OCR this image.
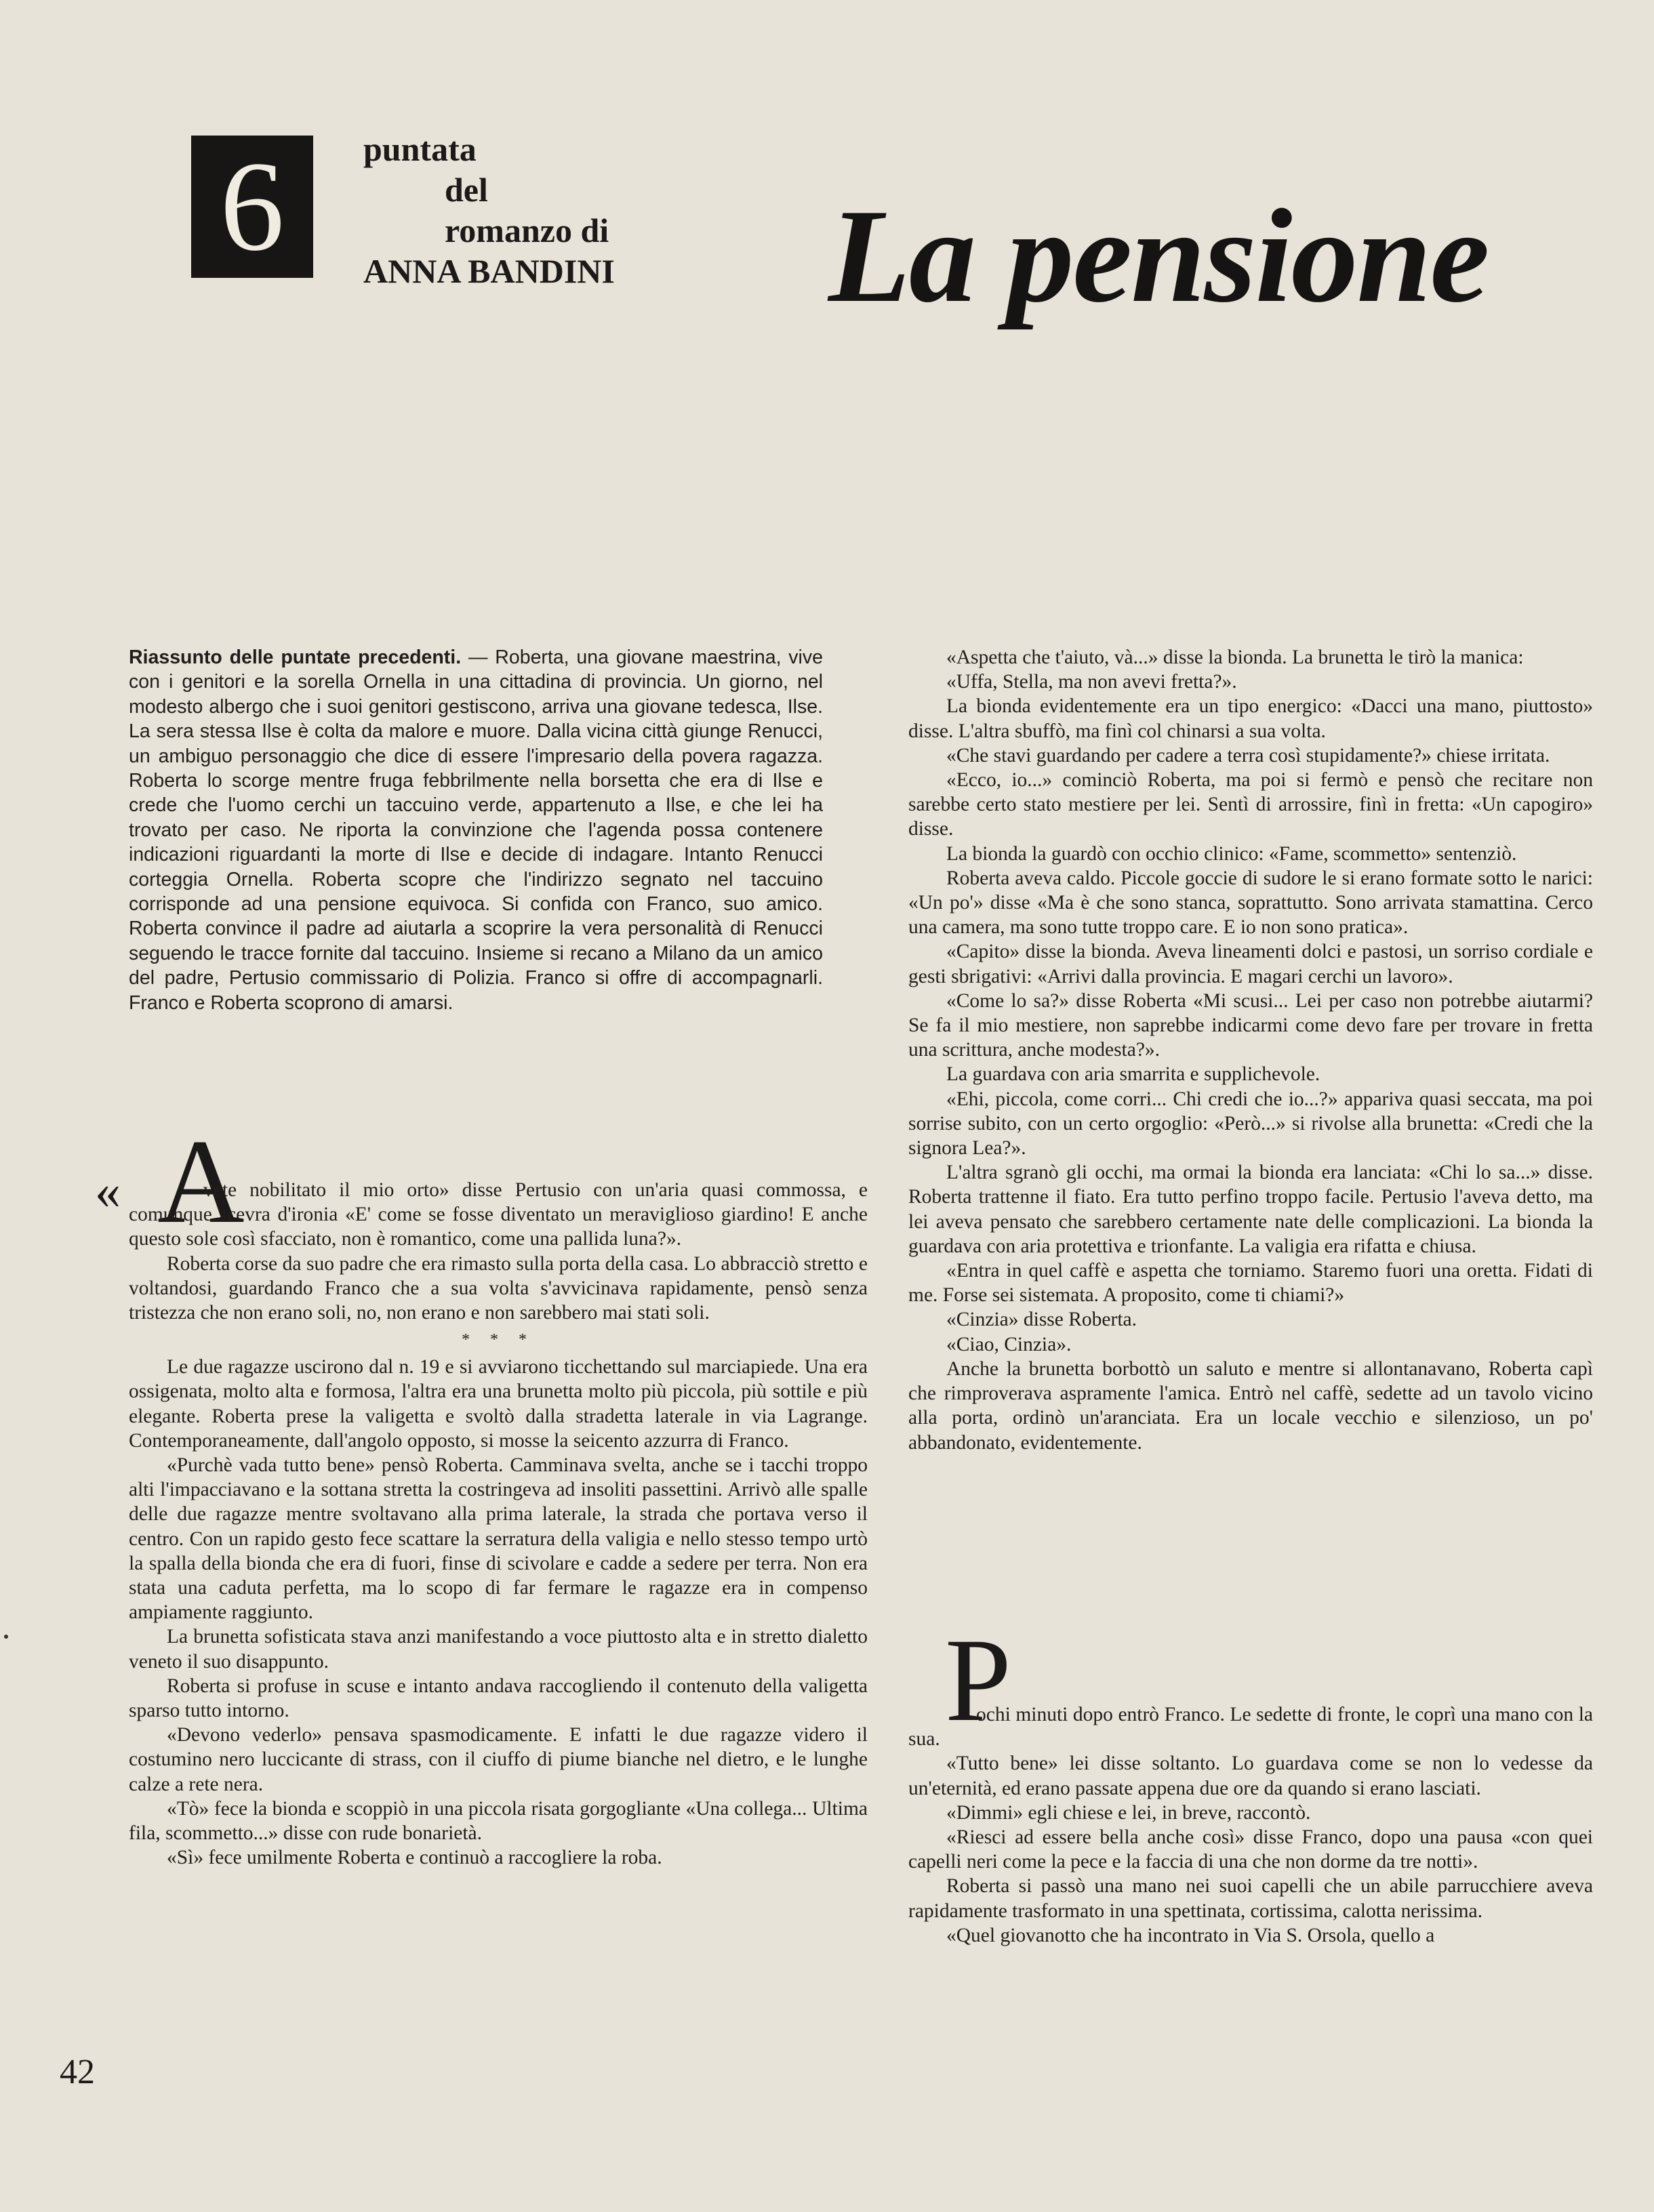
6 puntata
del
romanzo di
ANNA BANDINI	La pensione

Riassunto delle puntate precedenti. — Roberta, una giovane maestrina, vive con i genitori e la sorella Ornella in una cittadina di provincia. Un giorno, nel modesto albergo che i suoi genitori gestiscono, arriva una giovane tedesca, Ilse. La sera stessa Ilse è colta da malore e muore. Dalla vicina città giunge Renucci, un ambiguo personaggio che dice di essere l'impresario della povera ragazza. Roberta lo scorge mentre fruga febbrilmente nella borsetta che era di Ilse e crede che l'uomo cerchi un taccuino verde, appartenuto a Ilse, e che lei ha trovato per caso. Ne riporta la convinzione che l'agenda possa contenere indicazioni riguardanti la morte di Ilse e decide di indagare. Intanto Renucci corteggia Ornella. Roberta scopre che l'indirizzo segnato nel taccuino corrisponde ad una pensione equivoca. Si confida con Franco, suo amico. Roberta convince il padre ad aiutarla a scoprire la vera personalità di Renucci seguendo le tracce fornite dal taccuino. Insieme si recano a Milano da un amico del padre, Pertusio commissario di Polizia. Franco si offre di accompagnarli. Franco e Roberta scoprono di amarsi.

« A

vete nobilitato il mio orto» disse Pertusio con un'aria quasi commossa, e comunque scevra d'ironia «E' come se fosse diventato un meraviglioso giardino! E anche questo sole così sfacciato, non è romantico, come una pallida luna?».

Roberta corse da suo padre che era rimasto sulla porta della casa. Lo abbracciò stretto e voltandosi, guardando Franco che a sua volta s'avvicinava rapidamente, pensò senza tristezza che non erano soli, no, non erano e non sarebbero mai stati soli.

* * *

Le due ragazze uscirono dal n. 19 e si avviarono ticchettando sul marciapiede. Una era ossigenata, molto alta e formosa, l'altra era una brunetta molto più piccola, più sottile e più elegante. Roberta prese la valigetta e svoltò dalla stradetta laterale in via Lagrange. Contemporaneamente, dall'angolo opposto, si mosse la seicento azzurra di Franco.

«Purchè vada tutto bene» pensò Roberta. Camminava svelta, anche se i tacchi troppo alti l'impacciavano e la sottana stretta la costringeva ad insoliti passettini. Arrivò alle spalle delle due ragazze mentre svoltavano alla prima laterale, la strada che portava verso il centro. Con un rapido gesto fece scattare la serratura della valigia e nello stesso tempo urtò la spalla della bionda che era di fuori, finse di scivolare e cadde a sedere per terra. Non era stata una caduta perfetta, ma lo scopo di far fermare le ragazze era in compenso ampiamente raggiunto.

La brunetta sofisticata stava anzi manifestando a voce piuttosto alta e in stretto dialetto veneto il suo disappunto.

Roberta si profuse in scuse e intanto andava raccogliendo il contenuto della valigetta sparso tutto intorno.

«Devono vederlo» pensava spasmodicamente. E infatti le due ragazze videro il costumino nero luccicante di strass, con il ciuffo di piume bianche nel dietro, e le lunghe calze a rete nera.

«Tò» fece la bionda e scoppiò in una piccola risata gorgogliante «Una collega... Ultima fila, scommetto...» disse con rude bonarietà.

«Sì» fece umilmente Roberta e continuò a raccogliere la roba.

«Aspetta che t'aiuto, và...» disse la bionda. La brunetta le tirò la manica:

«Uffa, Stella, ma non avevi fretta?».

La bionda evidentemente era un tipo energico: «Dacci una mano, piuttosto» disse. L'altra sbuffò, ma finì col chinarsi a sua volta.

«Che stavi guardando per cadere a terra così stupidamente?» chiese irritata.

«Ecco, io...» cominciò Roberta, ma poi si fermò e pensò che recitare non sarebbe certo stato mestiere per lei. Sentì di arrossire, finì in fretta: «Un capogiro» disse.

La bionda la guardò con occhio clinico: «Fame, scommetto» sentenziò.

Roberta aveva caldo. Piccole goccie di sudore le si erano formate sotto le narici: «Un po'» disse «Ma è che sono stanca, soprattutto. Sono arrivata stamattina. Cerco una camera, ma sono tutte troppo care. E io non sono pratica».

«Capito» disse la bionda. Aveva lineamenti dolci e pastosi, un sorriso cordiale e gesti sbrigativi: «Arrivi dalla provincia. E magari cerchi un lavoro».

«Come lo sa?» disse Roberta «Mi scusi... Lei per caso non potrebbe aiutarmi? Se fa il mio mestiere, non saprebbe indicarmi come devo fare per trovare in fretta una scrittura, anche modesta?».

La guardava con aria smarrita e supplichevole.

«Ehi, piccola, come corri... Chi credi che io...?» appariva quasi seccata, ma poi sorrise subito, con un certo orgoglio: «Però...» si rivolse alla brunetta: «Credi che la signora Lea?».

L'altra sgranò gli occhi, ma ormai la bionda era lanciata: «Chi lo sa...» disse. Roberta trattenne il fiato. Era tutto perfino troppo facile. Pertusio l'aveva detto, ma lei aveva pensato che sarebbero certamente nate delle complicazioni. La bionda la guardava con aria protettiva e trionfante. La valigia era rifatta e chiusa.

«Entra in quel caffè e aspetta che torniamo. Staremo fuori una oretta. Fidati di me. Forse sei sistemata. A proposito, come ti chiami?»

«Cinzia» disse Roberta.

«Ciao, Cinzia».

Anche la brunetta borbottò un saluto e mentre si allontanavano, Roberta capì che rimproverava aspramente l'amica. Entrò nel caffè, sedette ad un tavolo vicino alla porta, ordinò un'aranciata. Era un locale vecchio e silenzioso, un po' abbandonato, evidentemente.

P

ochi minuti dopo entrò Franco. Le sedette di fronte, le coprì una mano con la sua.

«Tutto bene» lei disse soltanto. Lo guardava come se non lo vedesse da un'eternità, ed erano passate appena due ore da quando si erano lasciati.

«Dimmi» egli chiese e lei, in breve, raccontò.

«Riesci ad essere bella anche così» disse Franco, dopo una pausa «con quei capelli neri come la pece e la faccia di una che non dorme da tre notti».

Roberta si passò una mano nei suoi capelli che un abile parrucchiere aveva rapidamente trasformato in una spettinata, cortissima, calotta nerissima.

«Quel giovanotto che ha incontrato in Via S. Orsola, quello a

42
